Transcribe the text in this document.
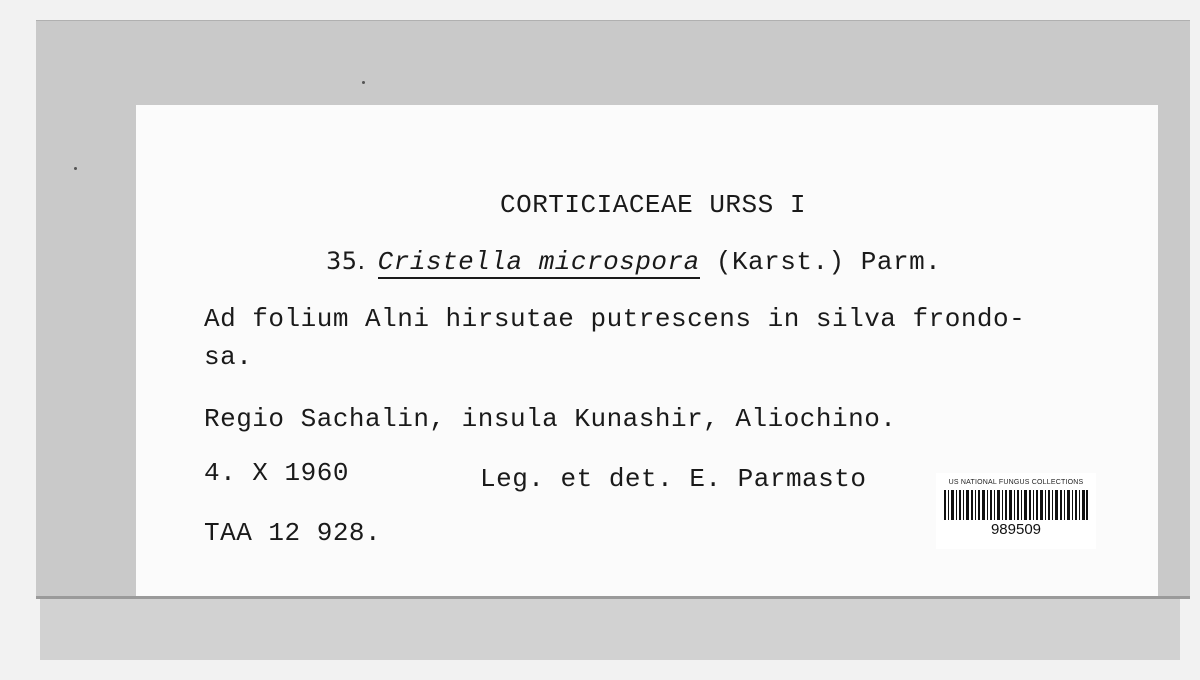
CORTICIACEAE URSS I
35. Cristella microspora (Karst.) Parm.
Ad folium Alni hirsutae putrescens in silva frondo-
sa.
Regio Sachalin, insula Kunashir, Aliochino.
4. X 1960	Leg. et det. E. Parmasto
TAA 12 928.
US NATIONAL FUNGUS COLLECTIONS
989509
